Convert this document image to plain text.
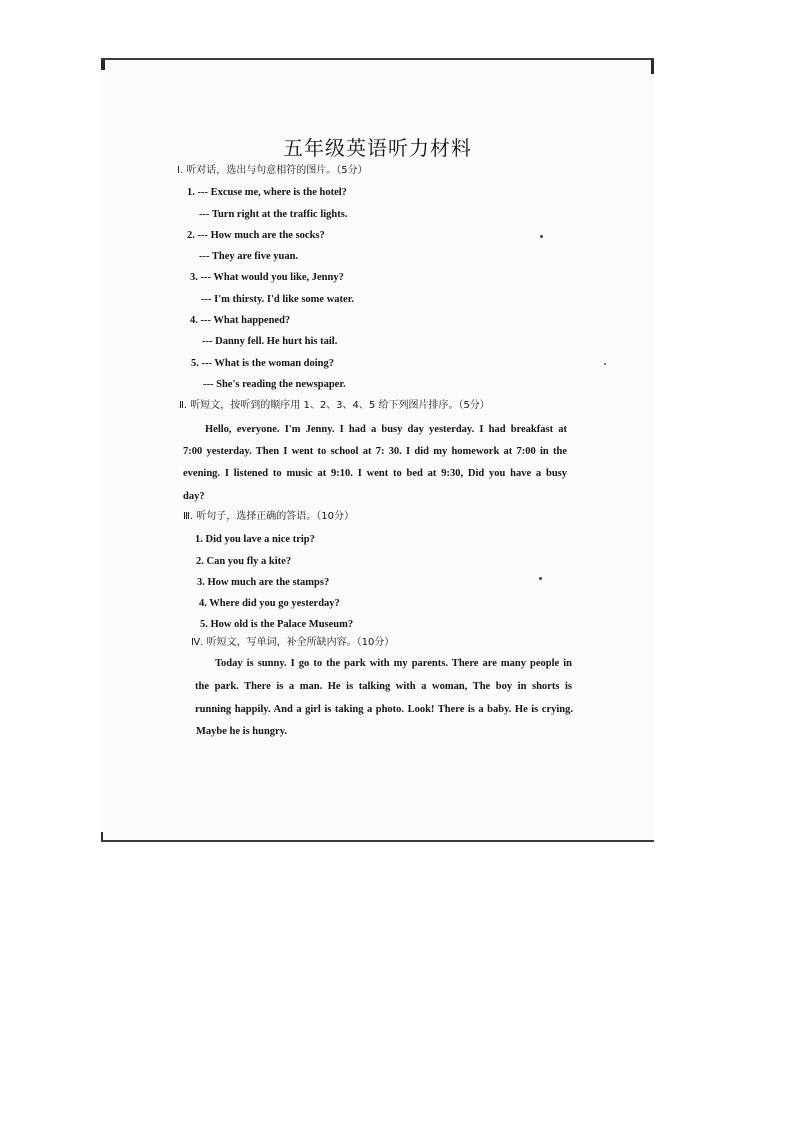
五年级英语听力材料
Ⅰ. 听对话，选出与句意相符的图片。（5分）
1. --- Excuse me, where is the hotel?
--- Turn right at the traffic lights.
2. --- How much are the socks?
--- They are five yuan.
3. --- What would you like, Jenny?
--- I'm thirsty. I'd like some water.
4. --- What happened?
--- Danny fell. He hurt his tail.
5. --- What is the woman doing?
--- She's reading the newspaper.
Ⅱ. 听短文，按听到的顺序用 1、2、3、4、5 给下列图片排序。（5分）
Hello, everyone. I'm Jenny. I had a busy day yesterday. I had breakfast at
7:00 yesterday. Then I went to school at 7: 30. I did my homework at 7:00 in the
evening. I listened to music at 9:10. I went to bed at 9:30, Did you have a busy
day?
Ⅲ. 听句子，选择正确的答语。（10分）
1. Did you lave a nice trip?
2. Can you fly a kite?
3. How much are the stamps?
4. Where did you go yesterday?
5. How old is the Palace Museum?
Ⅳ. 听短文，写单词，补全所缺内容。（10分）
Today is sunny. I go to the park with my parents. There are many people in
the park. There is a man. He is talking with a woman, The boy in shorts is
running happily. And a girl is taking a photo. Look! There is a baby. He is crying.
Maybe he is hungry.
